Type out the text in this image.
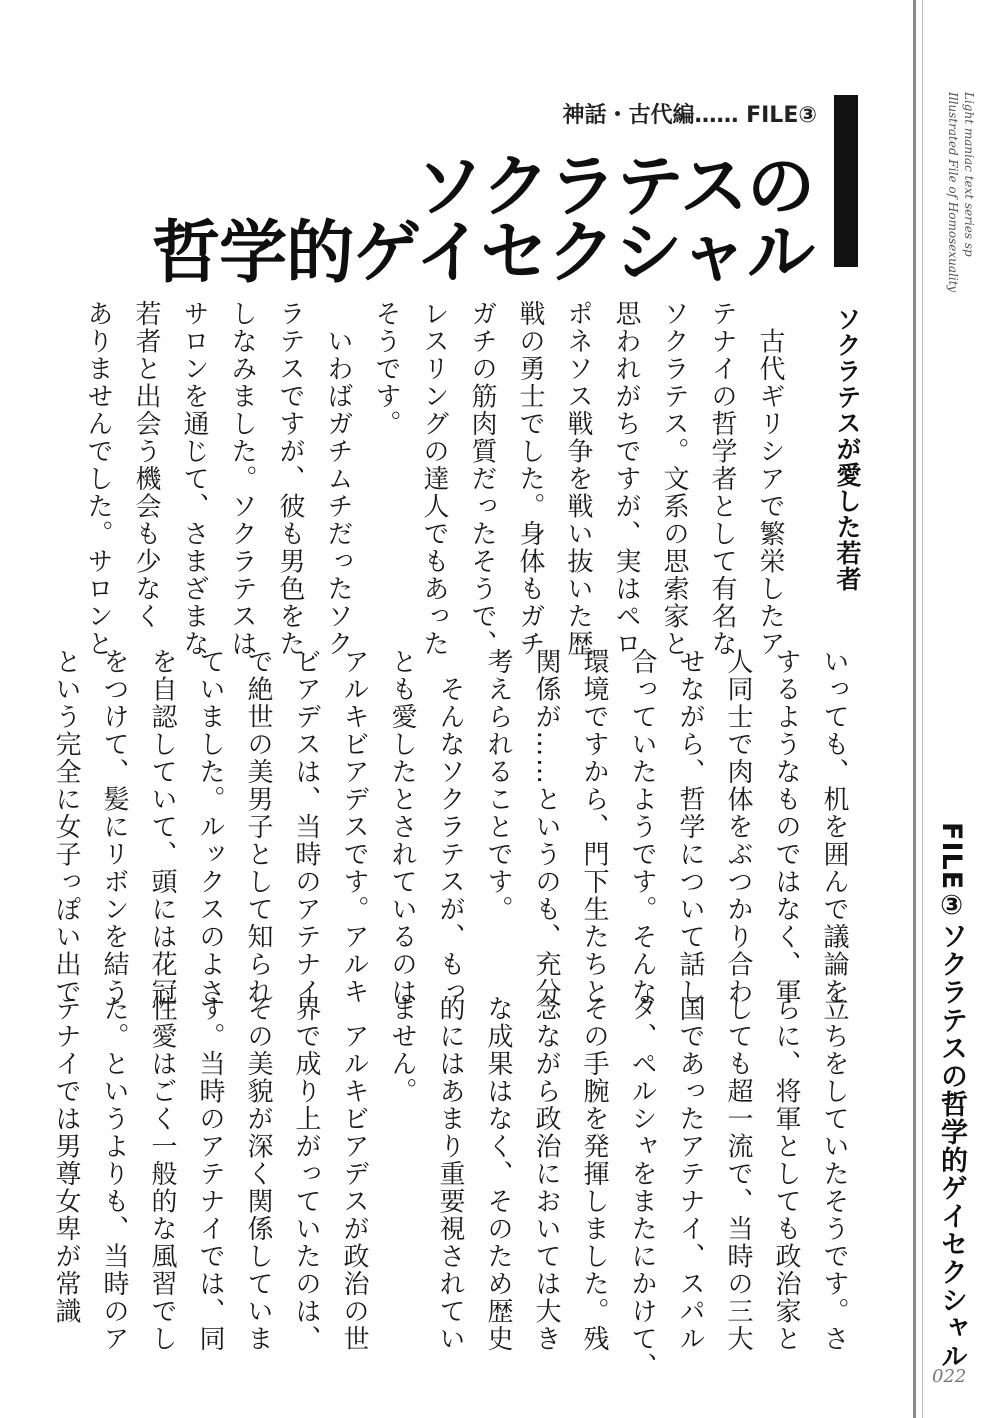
Light maniac text series sp
Illustrated File of Homosexuality
神話・古代編…… FILE③
ソクラテスの
哲学的ゲイセクシャル
ソクラテスが愛した若者
　古代ギリシアで繁栄したア
テナイの哲学者として有名な
ソクラテス。文系の思索家と
思われがちですが、実はペロ
ポネソス戦争を戦い抜いた歴
戦の勇士でした。身体もガチ
ガチの筋肉質だったそうで、
レスリングの達人でもあった
そうです。
　いわばガチムチだったソク
ラテスですが、彼も男色をた
しなみました。ソクラテスは
サロンを通じて、さまざまな
若者と出会う機会も少なく
ありませんでした。サロンと
いっても、机を囲んで議論を
するようなものではなく、軍
人同士で肉体をぶつかり合わ
せながら、哲学について話し
合っていたようです。そんな
環境ですから、門下生たちと
関係が……というのも、充分
考えられることです。
　そんなソクラテスが、もっ
とも愛したとされているのは
アルキビアデスです。アルキ
ビアデスは、当時のアテナイ
で絶世の美男子として知られ
ていました。ルックスのよさ
を自認していて、頭には花冠
をつけて、髪にリボンを結う
という完全に女子っぽい出で
立ちをしていたそうです。さ
らに、将軍としても政治家と
しても超一流で、当時の三大
国であったアテナイ、スパル
タ、ペルシャをまたにかけて、
その手腕を発揮しました。残
念ながら政治においては大き
な成果はなく、そのため歴史
的にはあまり重要視されてい
ません。
　アルキビアデスが政治の世
界で成り上がっていたのは、
その美貌が深く関係していま
す。当時のアテナイでは、同
性愛はごく一般的な風習でし
た。というよりも、当時のア
テナイでは男尊女卑が常識	FILE③ソクラテスの哲学的ゲイセクシャル
022
